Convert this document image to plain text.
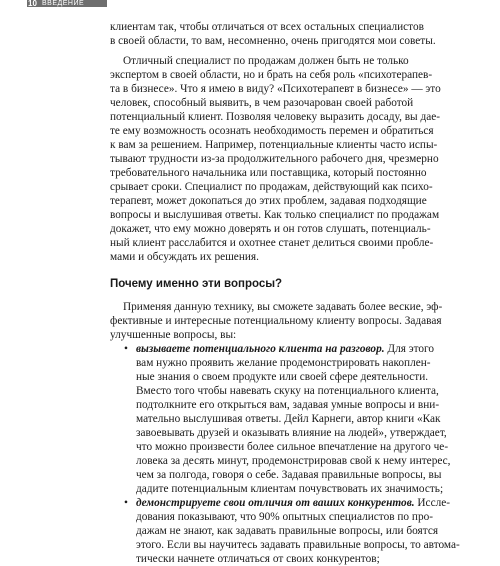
10 ВВЕДЕНИЕ
клиентам так, чтобы отличаться от всех остальных специалистов
в своей области, то вам, несомненно, очень пригодятся мои советы.
Отличный специалист по продажам должен быть не только
экспертом в своей области, но и брать на себя роль «психотерапев-
та в бизнесе». Что я имею в виду? «Психотерапевт в бизнесе» — это
человек, способный выявить, в чем разочарован своей работой
потенциальный клиент. Позволяя человеку выразить досаду, вы дае-
те ему возможность осознать необходимость перемен и обратиться
к вам за решением. Например, потенциальные клиенты часто испы-
тывают трудности из-за продолжительного рабочего дня, чрезмерно
требовательного начальника или поставщика, который постоянно
срывает сроки. Специалист по продажам, действующий как психо-
терапевт, может докопаться до этих проблем, задавая подходящие
вопросы и выслушивая ответы. Как только специалист по продажам
докажет, что ему можно доверять и он готов слушать, потенциаль-
ный клиент расслабится и охотнее станет делиться своими пробле-
мами и обсуждать их решения.
Почему именно эти вопросы?
Применяя данную технику, вы сможете задавать более веские, эф-
фективные и интересные потенциальному клиенту вопросы. Задавая
улучшенные вопросы, вы:
• вызываете потенциального клиента на разговор. Для этого
вам нужно проявить желание продемонстрировать накоплен-
ные знания о своем продукте или своей сфере деятельности.
Вместо того чтобы навевать скуку на потенциального клиента,
подтолкните его открыться вам, задавая умные вопросы и вни-
мательно выслушивая ответы. Дейл Карнеги, автор книги «Как
завоевывать друзей и оказывать влияние на людей», утверждает,
что можно произвести более сильное впечатление на другого че-
ловека за десять минут, продемонстрировав свой к нему интерес,
чем за полгода, говоря о себе. Задавая правильные вопросы, вы
дадите потенциальным клиентам почувствовать их значимость;
• демонстрируете свои отличия от ваших конкурентов. Иссле-
дования показывают, что 90% опытных специалистов по про-
дажам не знают, как задавать правильные вопросы, или боятся
этого. Если вы научитесь задавать правильные вопросы, то автома-
тически начнете отличаться от своих конкурентов;
